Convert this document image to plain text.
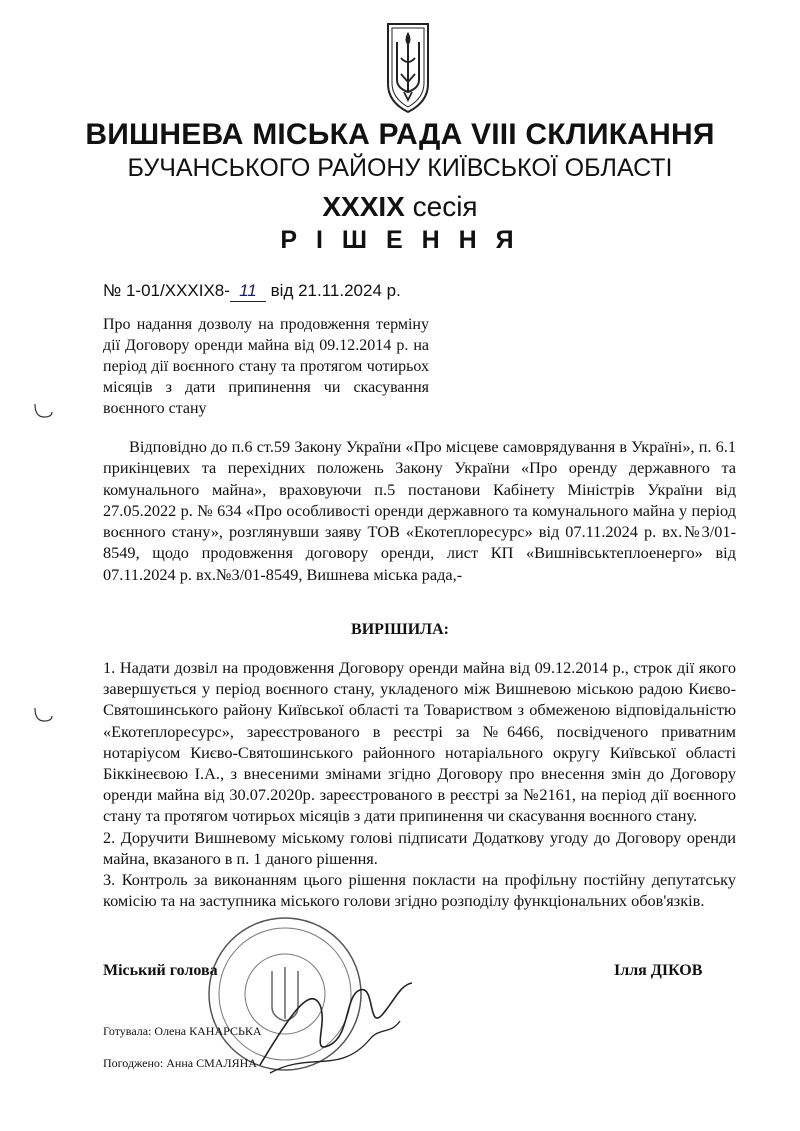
ВИШНЕВА МІСЬКА РАДА VIII СКЛИКАННЯ
БУЧАНСЬКОГО РАЙОНУ КИЇВСЬКОЇ ОБЛАСТІ
XXXIX сесія
Р І Ш Е Н Н Я
№ 1-01/XXXIX8- 11 від 21.11.2024 р.
Про надання дозволу на продовження терміну дії Договору оренди майна від 09.12.2014 р. на період дії воєнного стану та протягом чотирьох місяців з дати припинення чи скасування воєнного стану
Відповідно до п.6 ст.59 Закону України «Про місцеве самоврядування в Україні», п. 6.1 прикінцевих та перехідних положень Закону України «Про оренду державного та комунального майна», враховуючи п.5 постанови Кабінету Міністрів України від 27.05.2022 р. № 634 «Про особливості оренди державного та комунального майна у період воєнного стану», розглянувши заяву ТОВ «Екотеплоресурс» від 07.11.2024 р. вх.№3/01-8549, щодо продовження договору оренди, лист КП «Вишнівськтеплоенерго» від 07.11.2024 р. вх.№3/01-8549, Вишнева міська рада,-
ВИРІШИЛА:

1. Надати дозвіл на продовження Договору оренди майна від 09.12.2014 р., строк дії якого завершується у період воєнного стану, укладеного між Вишневою міською радою Києво-Святошинського району Київської області та Товариством з обмеженою відповідальністю «Екотеплоресурс», зареєстрованого в реєстрі за №6466, посвідченого приватним нотаріусом Києво-Святошинського районного нотаріального округу Київської області Біккінеєвою І.А., з внесеними змінами згідно Договору про внесення змін до Договору оренди майна від 30.07.2020р. зареєстрованого в реєстрі за №2161, на період дії воєнного стану та протягом чотирьох місяців з дати припинення чи скасування воєнного стану.

2. Доручити Вишневому міському голові підписати Додаткову угоду до Договору оренди майна, вказаного в п. 1 даного рішення.

3. Контроль за виконанням цього рішення покласти на профільну постійну депутатську комісію та на заступника міського голови згідно розподілу функціональних обов'язків.

Міський голова	Ілля ДІКОВ
Готувала: Олена КАНАРСЬКА
Погоджено: Анна СМАЛЯНА
